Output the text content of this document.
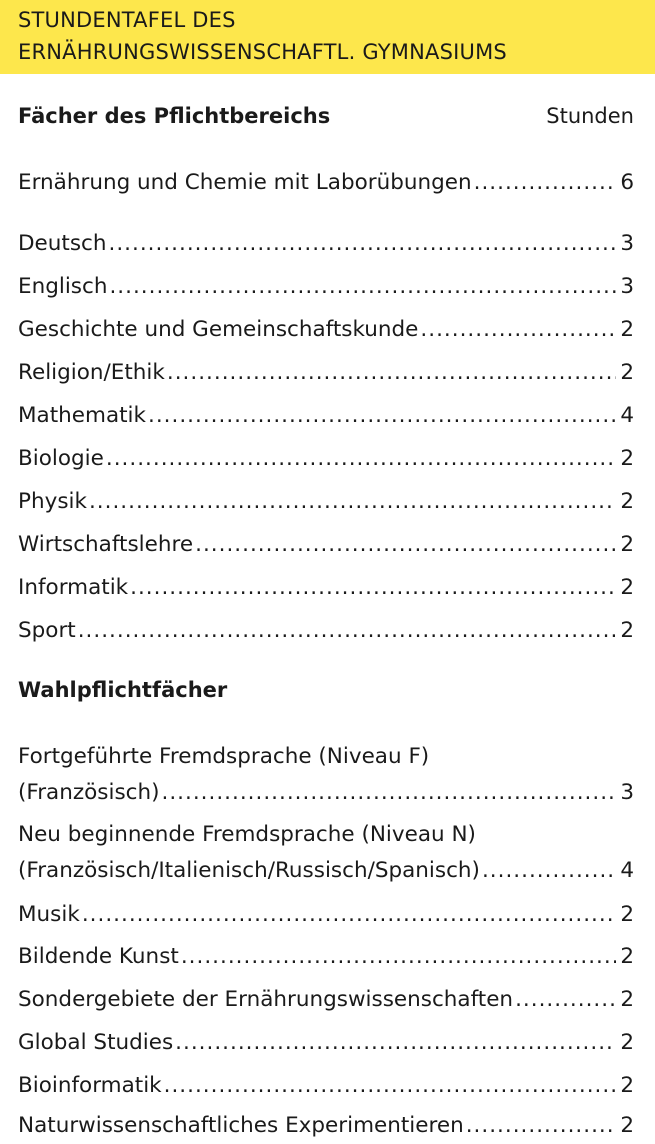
STUNDENTAFEL DES
ERNÄHRUNGSWISSENSCHAFTL. GYMNASIUMS
Fächer des Pflichtbereichs	Stunden
Ernährung und Chemie mit Laborübungen .....	6
Deutsch .....	3
Englisch .....	3
Geschichte und Gemeinschaftskunde .....	2
Religion/Ethik .....	2
Mathematik .....	4
Biologie .....	2
Physik .....	2
Wirtschaftslehre .....	2
Informatik .....	2
Sport .....	2
Wahlpflichtfächer
Fortgeführte Fremdsprache (Niveau F)
(Französisch) .....	3
Neu beginnende Fremdsprache (Niveau N)
(Französisch/Italienisch/Russisch/Spanisch) .....	4
Musik .....	2
Bildende Kunst .....	2
Sondergebiete der Ernährungswissenschaften .....	2
Global Studies .....	2
Bioinformatik .....	2
Naturwissenschaftliches Experimentieren .....	2
